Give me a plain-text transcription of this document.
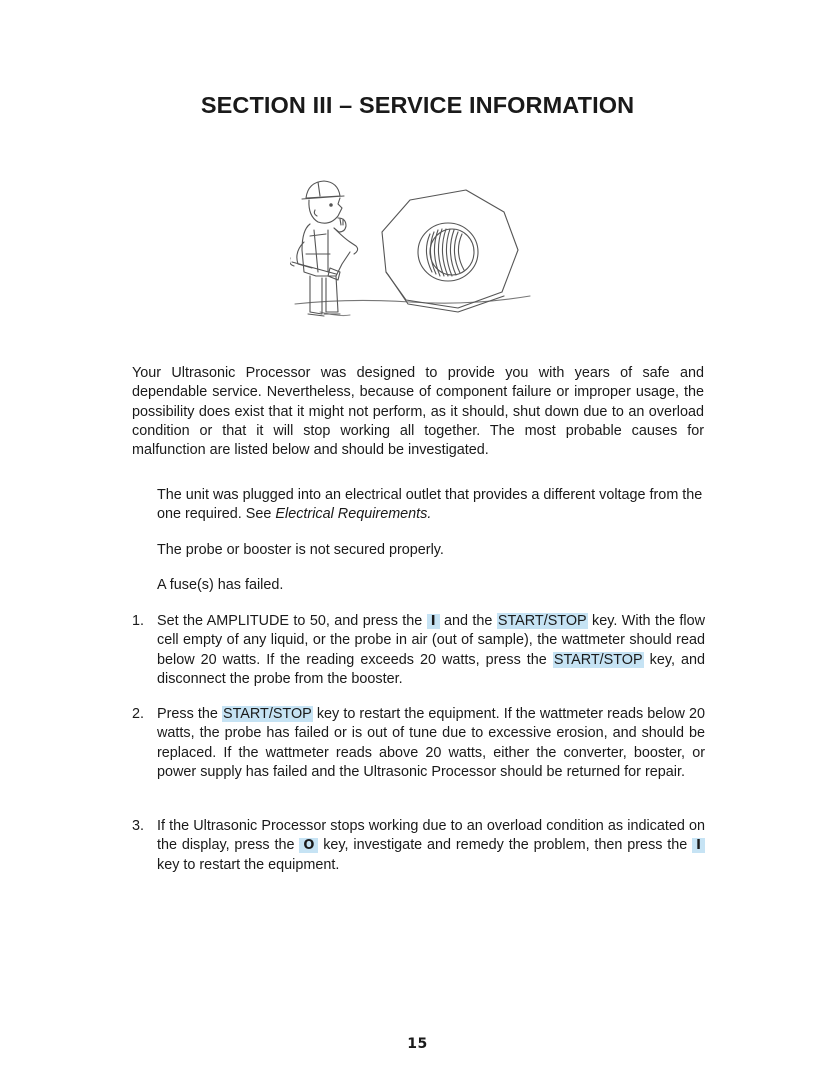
SECTION III – SERVICE INFORMATION

Your Ultrasonic Processor was designed to provide you with years of safe and dependable service. Nevertheless, because of component failure or improper usage, the possibility does exist that it might not perform, as it should, shut down due to an overload condition or that it will stop working all together. The most probable causes for malfunction are listed below and should be investigated.

The unit was plugged into an electrical outlet that provides a different voltage from the one required. See Electrical Requirements.

The probe or booster is not secured properly.

A fuse(s) has failed.

1. Set the AMPLITUDE to 50, and press the I and the START/STOP key. With the flow cell empty of any liquid, or the probe in air (out of sample), the wattmeter should read below 20 watts. If the reading exceeds 20 watts, press the START/STOP key, and disconnect the probe from the booster.
2. Press the START/STOP key to restart the equipment. If the wattmeter reads below 20 watts, the probe has failed or is out of tune due to excessive erosion, and should be replaced. If the wattmeter reads above 20 watts, either the converter, booster, or power supply has failed and the Ultrasonic Processor should be returned for repair.
3. If the Ultrasonic Processor stops working due to an overload condition as indicated on the display, press the O key, investigate and remedy the problem, then press the I key to restart the equipment.
15
